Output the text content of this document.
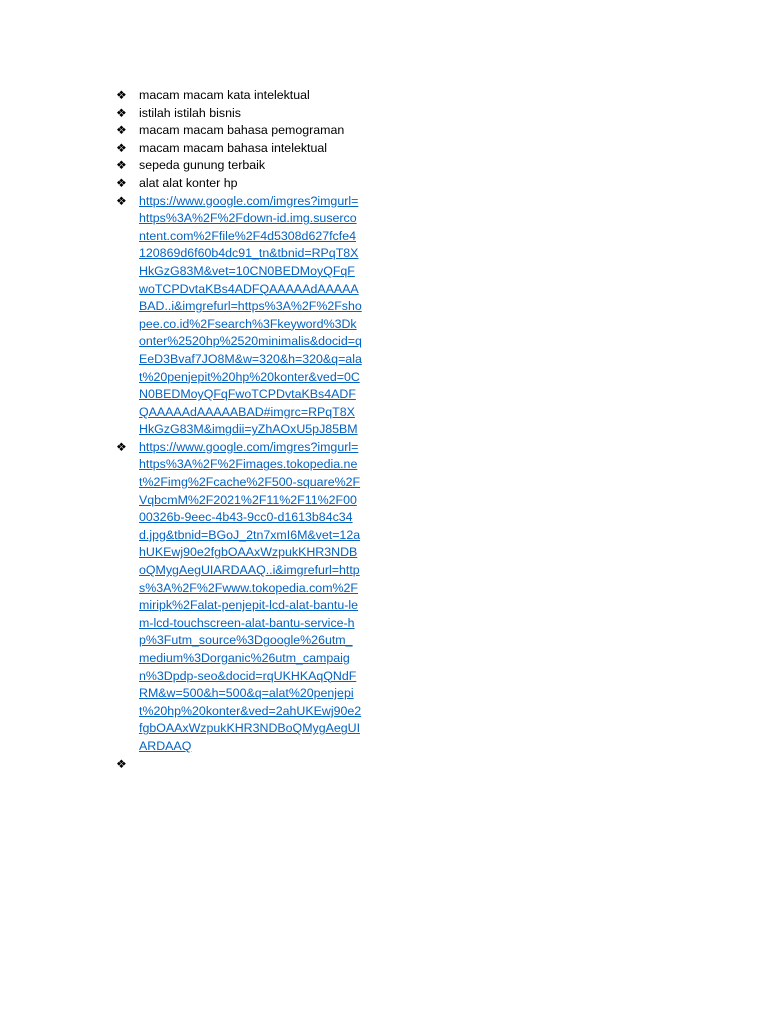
❖ macam macam kata intelektual
❖ istilah istilah bisnis
❖ macam macam bahasa pemograman
❖ macam macam bahasa intelektual
❖ sepeda gunung terbaik
❖ alat alat konter hp
❖ https://www.google.com/imgres?imgurl=https%3A%2F%2Fdown-id.img.susercontent.com%2Ffile%2F4d5308d627fcfe4120869d6f60b4dc91_tn&tbnid=RPqT8XHkGzG83M&vet=10CN0BEDMoyQFqFwoTCPDvtaKBs4ADFQAAAAAdAAAAABAD..i&imgrefurl=https%3A%2F%2Fshopee.co.id%2Fsearch%3Fkeyword%3Dkonter%2520hp%2520minimalis&docid=qEeD3Bvaf7JO8M&w=320&h=320&q=alat%20penjepit%20hp%20konter&ved=0CN0BEDMoyQFqFwoTCPDvtaKBs4ADFQAAAAAdAAAAABAD#imgrc=RPqT8XHkGzG83M&imgdii=yZhAOxU5pJ85BM
❖ https://www.google.com/imgres?imgurl=https%3A%2F%2Fimages.tokopedia.net%2Fimg%2Fcache%2F500-square%2FVqbcmM%2F2021%2F11%2F11%2F0000326b-9eec-4b43-9cc0-d1613b84c34d.jpg&tbnid=BGoJ_2tn7xmI6M&vet=12ahUKEwj90e2fgbOAAxWzpukKHR3NDBoQMygAegUIARDAAQ..i&imgrefurl=https%3A%2F%2Fwww.tokopedia.com%2Fmiripk%2Falat-penjepit-lcd-alat-bantu-lem-lcd-touchscreen-alat-bantu-service-hp%3Futm_source%3Dgoogle%26utm_medium%3Dorganic%26utm_campaign%3Dpdp-seo&docid=rqUKHKAqQNdFRM&w=500&h=500&q=alat%20penjepit%20hp%20konter&ved=2ahUKEwj90e2fgbOAAxWzpukKHR3NDBoQMygAegUIARDAAQ
❖
